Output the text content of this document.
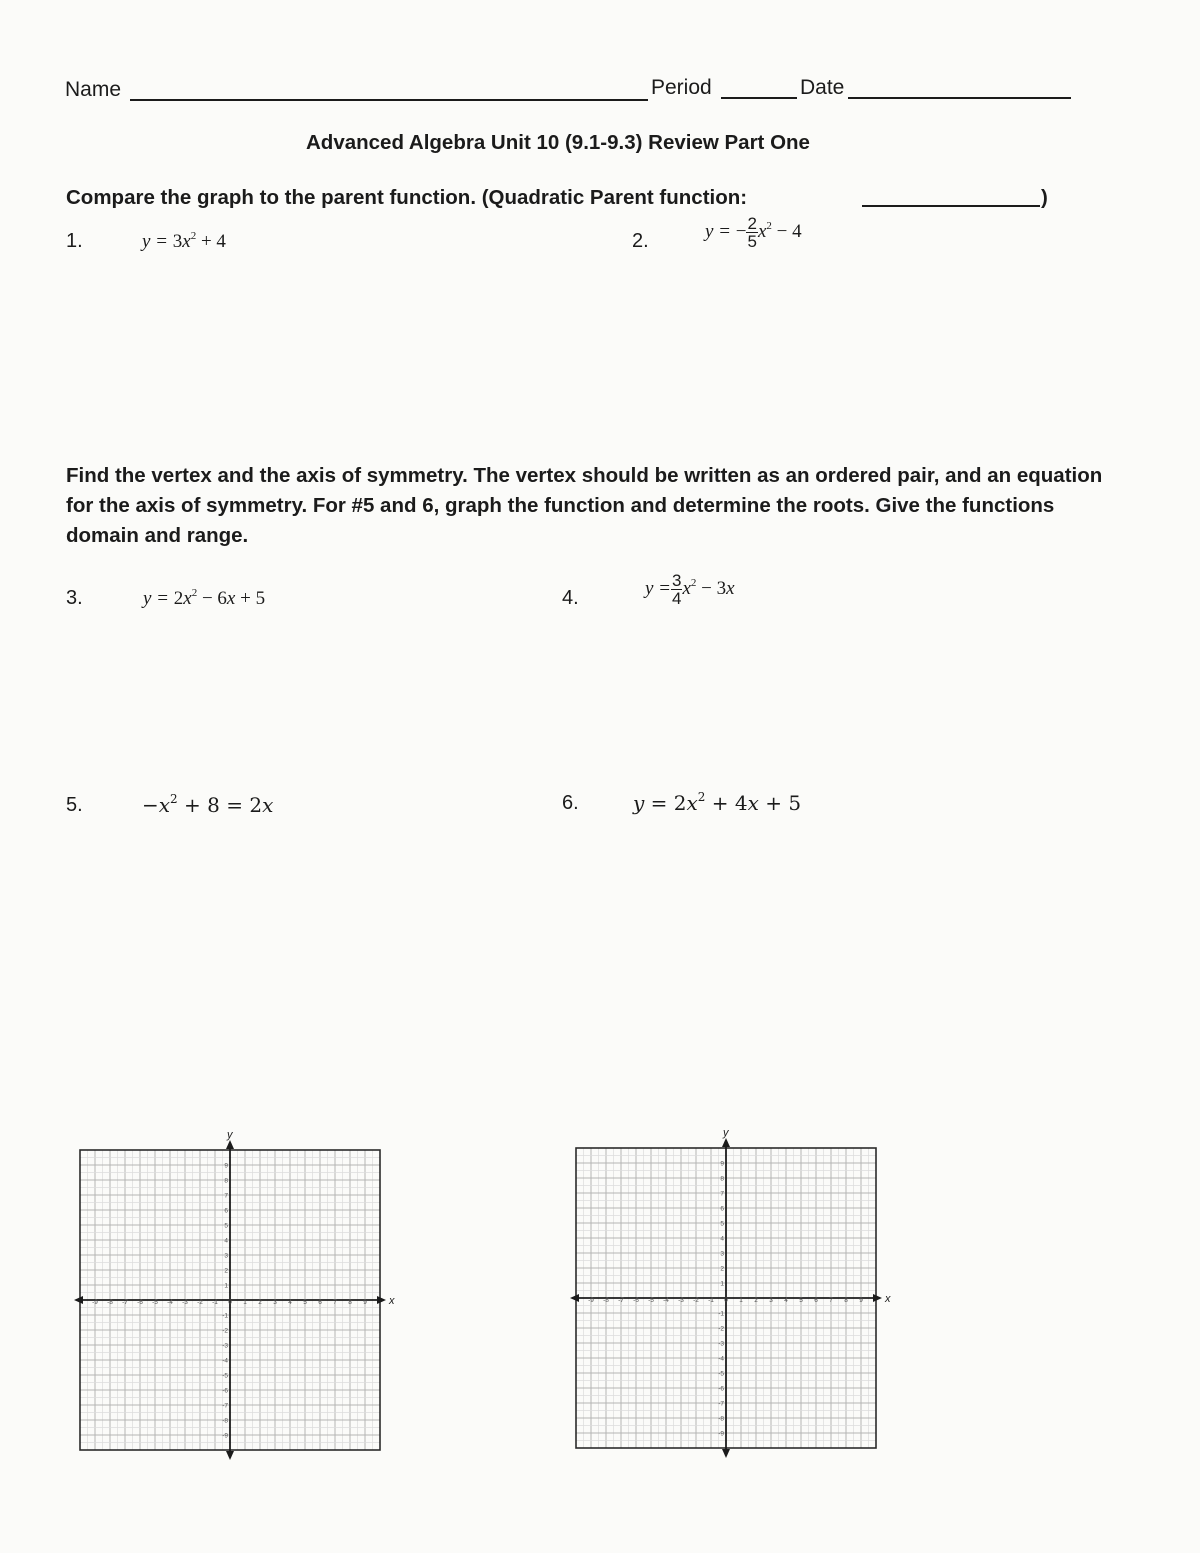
Name	Period	Date
Advanced Algebra Unit 10 (9.1-9.3) Review Part One
Compare the graph to the parent function. (Quadratic Parent function:	)
1.	$y = 3x^2 + 4$	2.	y = − $\frac{2}{5} x^2 - 4$
Find the vertex and the axis of symmetry. The vertex should be written as an ordered pair, and an equation for the axis of symmetry. For #5 and 6, graph the function and determine the roots. Give the functions domain and range.
3.	$y = 2x^2 - 6x + 5$	4.	$y = \frac{3}{4} x^2 - 3x$
5.	$-x^2 + 8 = 2x$	6.	$y = 2x^2 + 4x + 5$
x
y
-9 -8 -7 -6 -5 -4 -3 -2 -1 0 1 2 3 4 5 6 7 8 9
9
8
7
6
5
4
3
2
1
-1
-2
-3
-4
-5
-6
-7
-8
-9
x
y
-9 -8 -7 -6 -5 -4 -3 -2 -1 0 1 2 3 4 5 6 7 8 9
9
8
7
6
5
4
3
2
1
-1
-2
-3
-4
-5
-6
-7
-8
-9
